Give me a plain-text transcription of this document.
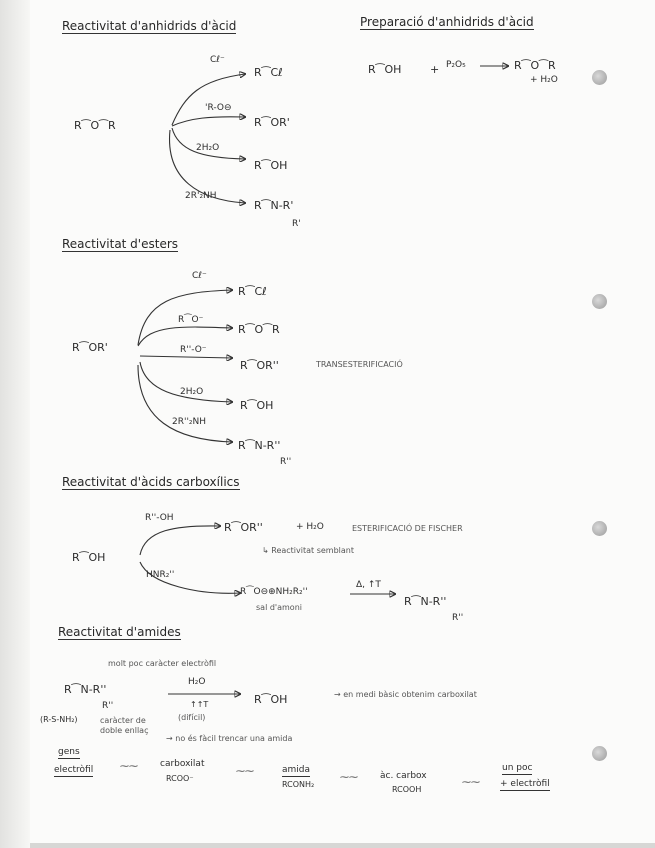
Reactivitat d'anhidrids d'àcid	Preparació d'anhidrids d'àcid
R⁀O⁀R
Cℓ⁻
'R-O⊖
2H₂O
2R'₂NH
R⁀Cℓ
R⁀OR'
R⁀OH
R⁀N-R'
R'
R⁀OH	+ P₂O₅	R⁀O⁀R
+ H₂O
Reactivitat d'esters
R⁀OR'
Cℓ⁻
R⁀O⁻
R''-O⁻
2H₂O
2R''₂NH
R⁀Cℓ
R⁀O⁀R
R⁀OR''	TRANSESTERIFICACIÓ
R⁀OH
R⁀N-R''
R''
Reactivitat d'àcids carboxílics
R⁀OH
R''-OH
R⁀OR''	+ H₂O	ESTERIFICACIÓ DE FISCHER
↳ Reactivitat semblant
HNR₂''
R⁀O⊖⊕NH₂R₂''
sal d'amoni
Δ, ↑T
R⁀N-R''
R''
Reactivitat d'amides
molt poc caràcter electròfil
R⁀N-R''
R''
(R-S-NH₂)	caràcter de doble enllaç
H₂O
↑↑T
(difícil)
R⁀OH	→ en medi bàsic obtenim carboxilat
→ no és fàcil trencar una amida
gens
electròfil	⁓⁓ carboxilat
RCOO⁻
⁓⁓	amida
RCONH₂
⁓⁓ àc. carbox
RCOOH
⁓⁓
un poc
+ electròfil
